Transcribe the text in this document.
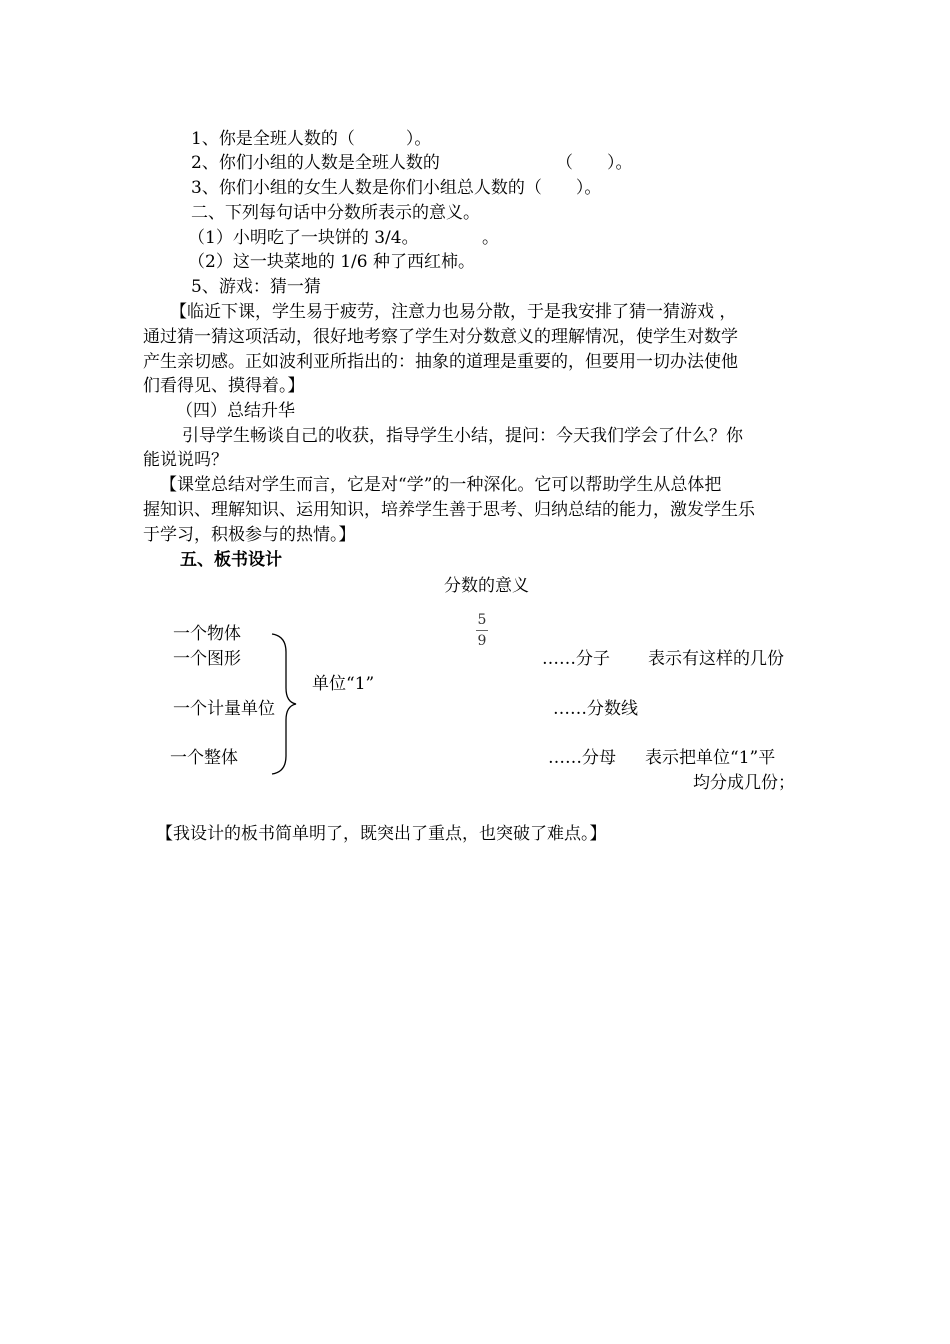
1、你是全班人数的（　　　）。
2、你们小组的人数是全班人数的	（　　）。
3、你们小组的女生人数是你们小组总人数的（　　）。
二、下列每句话中分数所表示的意义。
（1）小明吃了一块饼的 3/4。	。
（2）这一块菜地的 1/6 种了西红柿。
5、游戏：猜一猜
【临近下课，学生易于疲劳，注意力也易分散，于是我安排了猜一猜游戏 ，
通过猜一猜这项活动，很好地考察了学生对分数意义的理解情况，使学生对数学
产生亲切感。正如波利亚所指出的：抽象的道理是重要的，但要用一切办法使他
们看得见、摸得着。】
（四）总结升华
引导学生畅谈自己的收获，指导学生小结，提问：今天我们学会了什么？你
能说说吗？
【课堂总结对学生而言，它是对“学”的一种深化。它可以帮助学生从总体把
握知识、理解知识、运用知识，培养学生善于思考、归纳总结的能力，激发学生乐
于学习，积极参与的热情。】
五、板书设计
分数的意义
一个物体
一个图形
一个计量单位
一个整体
单位“1”
5
9
……分子 表示有这样的几份
……分数线
……分母 表示把单位“1”平
均分成几份；
【我设计的板书简单明了，既突出了重点，也突破了难点。】
